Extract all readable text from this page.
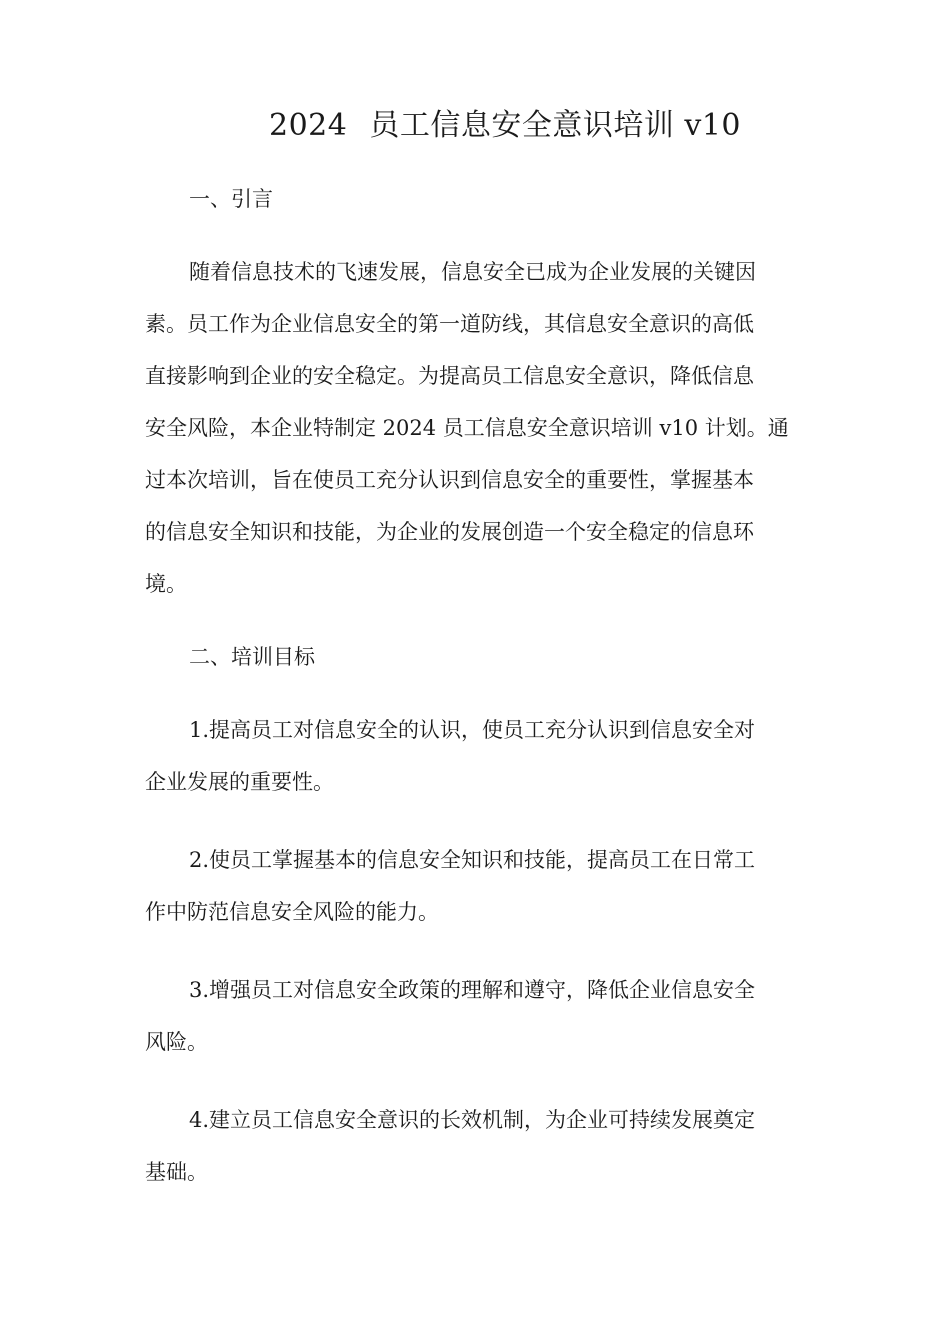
2024 员工信息安全意识培训 v10
一、引言
随着信息技术的飞速发展，信息安全已成为企业发展的关键因
素。员工作为企业信息安全的第一道防线，其信息安全意识的高低
直接影响到企业的安全稳定。为提高员工信息安全意识，降低信息
安全风险，本企业特制定 2024 员工信息安全意识培训 v10 计划。通
过本次培训，旨在使员工充分认识到信息安全的重要性，掌握基本
的信息安全知识和技能，为企业的发展创造一个安全稳定的信息环
境。
二、培训目标
1.提高员工对信息安全的认识，使员工充分认识到信息安全对
企业发展的重要性。
2.使员工掌握基本的信息安全知识和技能，提高员工在日常工
作中防范信息安全风险的能力。
3.增强员工对信息安全政策的理解和遵守，降低企业信息安全
风险。
4.建立员工信息安全意识的长效机制，为企业可持续发展奠定
基础。
